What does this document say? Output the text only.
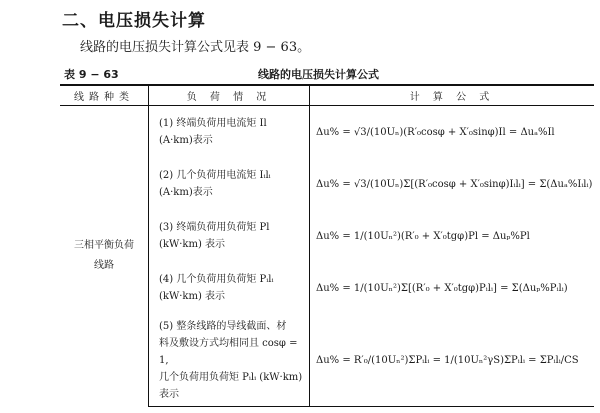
二、电压损失计算
线路的电压损失计算公式见表 9 − 63。
表 9 − 63	线路的电压损失计算公式
线路种类	负 荷 情 况	计 算 公 式

三相平衡负荷线路	(1) 终端负荷用电流矩 Il
(A·km)表示	Δu% = √3/(10Uₙ)(R′₀cosφ + X′₀sinφ)Il = Δuₐ%Il

	(2) 几个负荷用电流矩 Iᵢlᵢ
(A·km)表示	Δu% = √3/(10Uₙ)Σ[(R′₀cosφ + X′₀sinφ)Iᵢlᵢ] = Σ(Δuₐ%Iᵢlᵢ)

	(3) 终端负荷用负荷矩 Pl
(kW·km) 表示	Δu% = 1/(10Uₙ²)(R′₀ + X′₀tgφ)Pl = Δuₚ%Pl

	(4) 几个负荷用负荷矩 Pᵢlᵢ
(kW·km) 表示	Δu% = 1/(10Uₙ²)Σ[(R′₀ + X′₀tgφ)Pᵢlᵢ] = Σ(Δuₚ%Pᵢlᵢ)

	(5) 整条线路的导线截面、材
料及敷设方式均相同且 cosφ = 1,
几个负荷用负荷矩 Pᵢlᵢ (kW·km)
表示	Δu% = R′₀/(10Uₙ²)ΣPᵢlᵢ = 1/(10Uₙ²γS)ΣPᵢlᵢ = ΣPᵢlᵢ/CS
